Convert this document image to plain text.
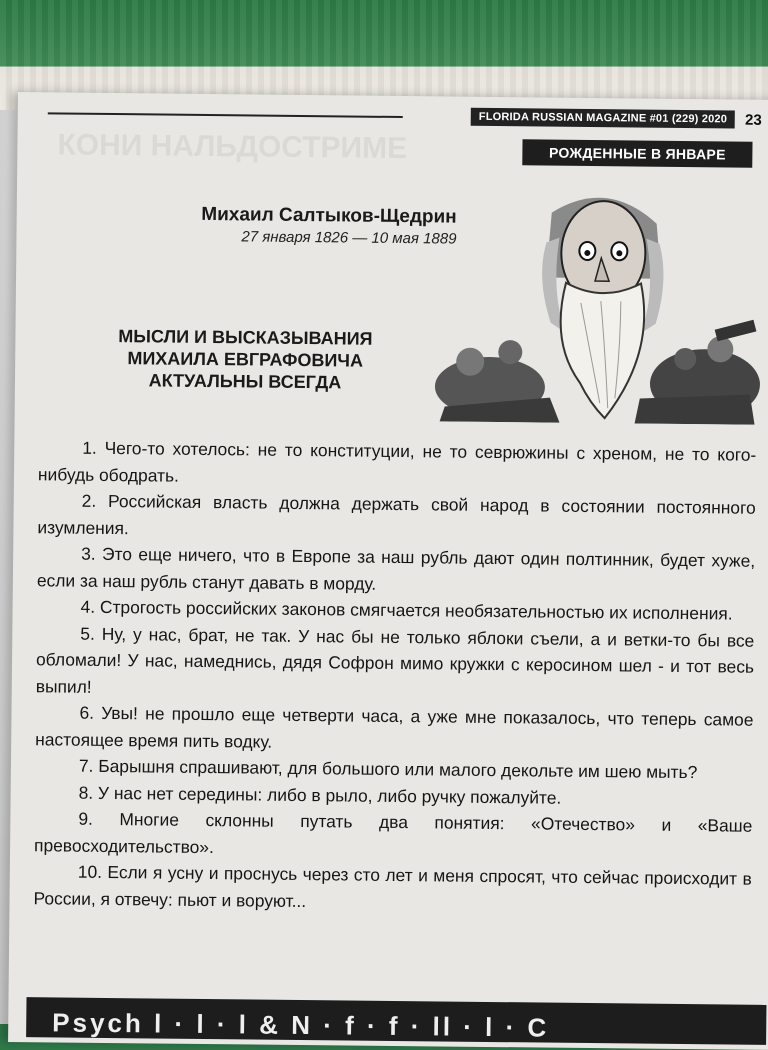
КОНИ НАЛЬДОСТРИМЕ
FLORIDA RUSSIAN MAGAZINE #01 (229) 2020	23
РОЖДЕННЫЕ В ЯНВАРЕ
Михаил Салтыков-Щедрин
27 января 1826 — 10 мая 1889
МЫСЛИ И ВЫСКАЗЫВАНИЯ
МИХАИЛА ЕВГРАФОВИЧА
АКТУАЛЬНЫ ВСЕГДА

1. Чего-то хотелось: не то конституции, не то севрюжины с хреном, не то кого-нибудь ободрать.

2. Российская власть должна держать свой народ в состоянии постоянного изумления.

3. Это еще ничего, что в Европе за наш рубль дают один полтинник, будет хуже, если за наш рубль станут давать в морду.

4. Строгость российских законов смягчается необязательностью их исполнения.

5. Ну, у нас, брат, не так. У нас бы не только яблоки съели, а и ветки-то бы все обломали! У нас, намеднись, дядя Софрон мимо кружки с керосином шел - и тот весь выпил!

6. Увы! не прошло еще четверти часа, а уже мне показалось, что теперь самое настоящее время пить водку.

7. Барышня спрашивают, для большого или малого декольте им шею мыть?

8. У нас нет середины: либо в рыло, либо ручку пожалуйте.

9. Многие склонны путать два понятия: «Отечество» и «Ваше превосходительство».

10. Если я усну и проснусь через сто лет и меня спросят, что сейчас происходит в России, я отвечу: пьют и воруют...

Psych l · l · l & N · f · f · ll · l · C
